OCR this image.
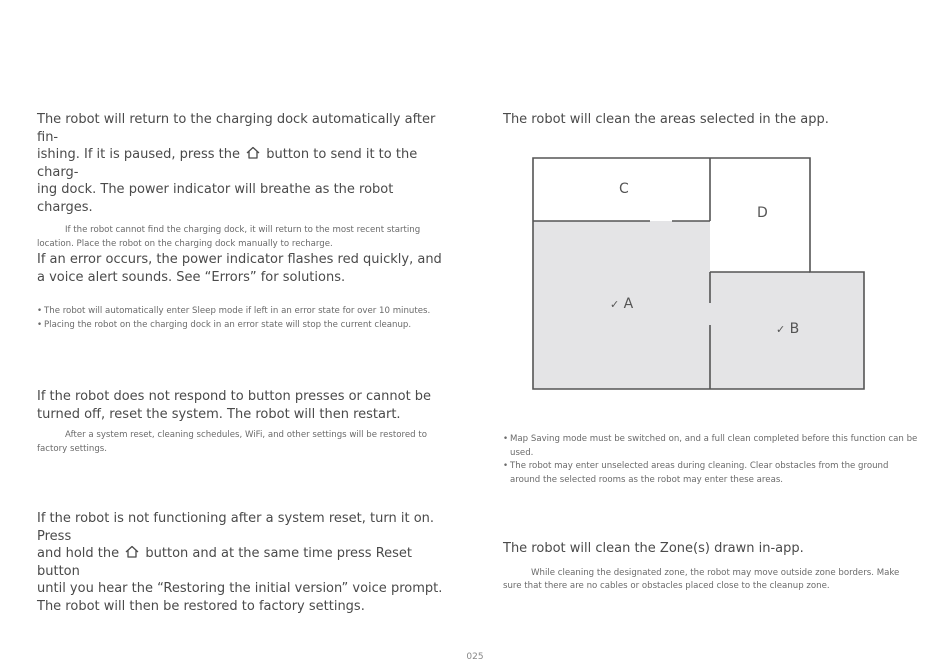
The robot will return to the charging dock automatically after fin-
ishing. If it is paused, press the button to send it to the charg-
ing dock. The power indicator will breathe as the robot charges.

If the robot cannot find the charging dock, it will return to the most recent starting location. Place the robot on the charging dock manually to recharge.

If an error occurs, the power indicator flashes red quickly, and a voice alert sounds. See “Errors” for solutions.

• The robot will automatically enter Sleep mode if left in an error state for over 10 minutes.
• Placing the robot on the charging dock in an error state will stop the current cleanup.

If the robot does not respond to button presses or cannot be turned off, reset the system. The robot will then restart.

After a system reset, cleaning schedules, WiFi, and other settings will be restored to factory settings.

If the robot is not functioning after a system reset, turn it on. Press
and hold the button and at the same time press Reset button
until you hear the “Restoring the initial version” voice prompt. The robot will then be restored to factory settings.

The robot will clean the areas selected in the app.

C
D
✓ A
✓ B
• Map Saving mode must be switched on, and a full clean completed before this function can be used.
• The robot may enter unselected areas during cleaning. Clear obstacles from the ground around the selected rooms as the robot may enter these areas.

The robot will clean the Zone(s) drawn in-app.

While cleaning the designated zone, the robot may move outside zone borders. Make sure that there are no cables or obstacles placed close to the cleanup zone.

025
